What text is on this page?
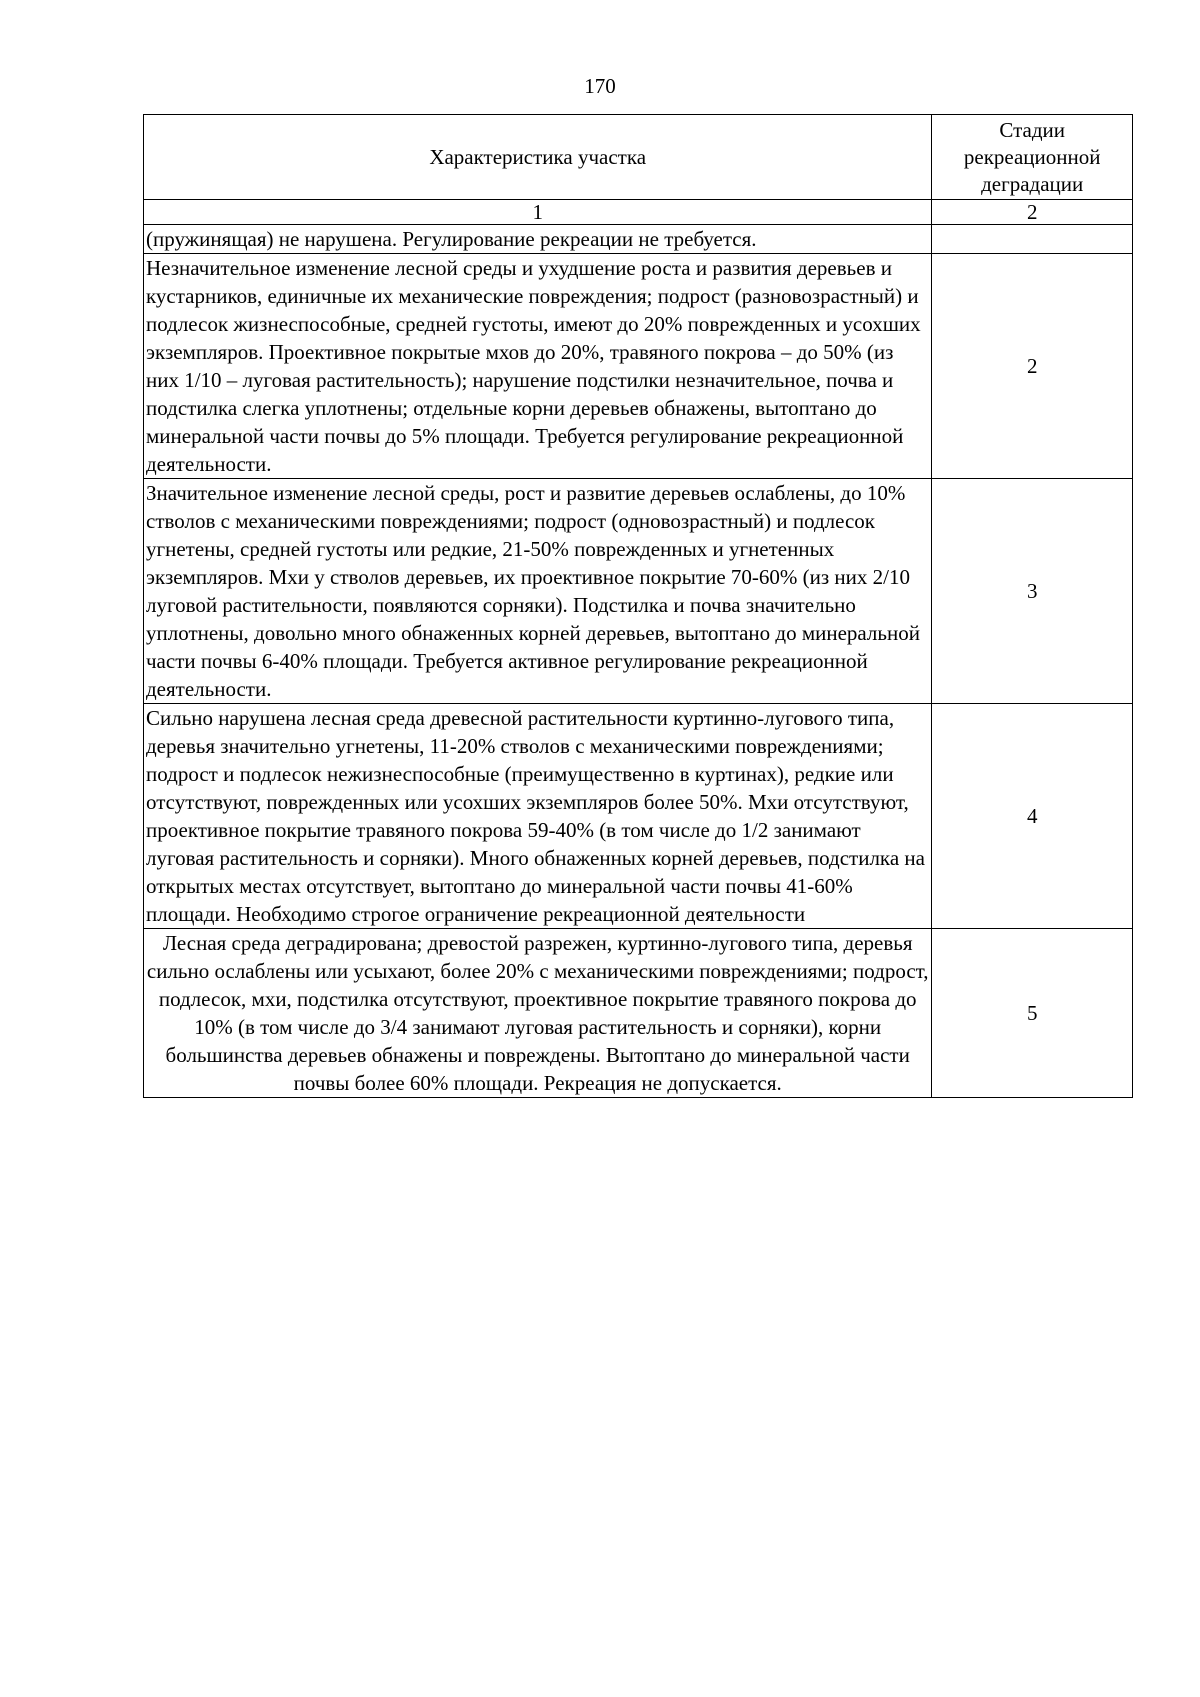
170
Характеристика участка	Стадии рекреационной деградации
1	2
(пружинящая) не нарушена. Регулирование рекреации не требуется.	
Незначительное изменение лесной среды и ухудшение роста и развития деревьев и кустарников, единичные их механические повреждения; подрост (разновозрастный) и подлесок жизнеспособные, средней густоты, имеют до 20% поврежденных и усохших экземпляров. Проективное покрытые мхов до 20%, травяного покрова – до 50% (из них 1/10 – луговая растительность); нарушение подстилки незначительное, почва и подстилка слегка уплотнены; отдельные корни деревьев обнажены, вытоптано до минеральной части почвы до 5% площади. Требуется регулирование рекреационной деятельности.	2
Значительное изменение лесной среды, рост и развитие деревьев ослаблены, до 10% стволов с механическими повреждениями; подрост (одновозрастный) и подлесок угнетены, средней густоты или редкие, 21-50% поврежденных и угнетенных экземпляров. Мхи у стволов деревьев, их проективное покрытие 70-60% (из них 2/10 луговой растительности, появляются сорняки). Подстилка и почва значительно уплотнены, довольно много обнаженных корней деревьев, вытоптано до минеральной части почвы 6-40% площади. Требуется активное регулирование рекреационной деятельности.	3
Сильно нарушена лесная среда древесной растительности куртинно-лугового типа, деревья значительно угнетены, 11-20% стволов с механическими повреждениями; подрост и подлесок нежизнеспособные (преимущественно в куртинах), редкие или отсутствуют, поврежденных или усохших экземпляров более 50%. Мхи отсутствуют, проективное покрытие травяного покрова 59-40% (в том числе до 1/2 занимают луговая растительность и сорняки). Много обнаженных корней деревьев, подстилка на открытых местах отсутствует, вытоптано до минеральной части почвы 41-60% площади. Необходимо строгое ограничение рекреационной деятельности	4
Лесная среда деградирована; древостой разрежен, куртинно-лугового типа, деревья сильно ослаблены или усыхают, более 20% с механическими повреждениями; подрост, подлесок, мхи, подстилка отсутствуют, проективное покрытие травяного покрова до 10% (в том числе до 3/4 занимают луговая растительность и сорняки), корни большинства деревьев обнажены и повреждены. Вытоптано до минеральной части почвы более 60% площади. Рекреация не допускается.	5
